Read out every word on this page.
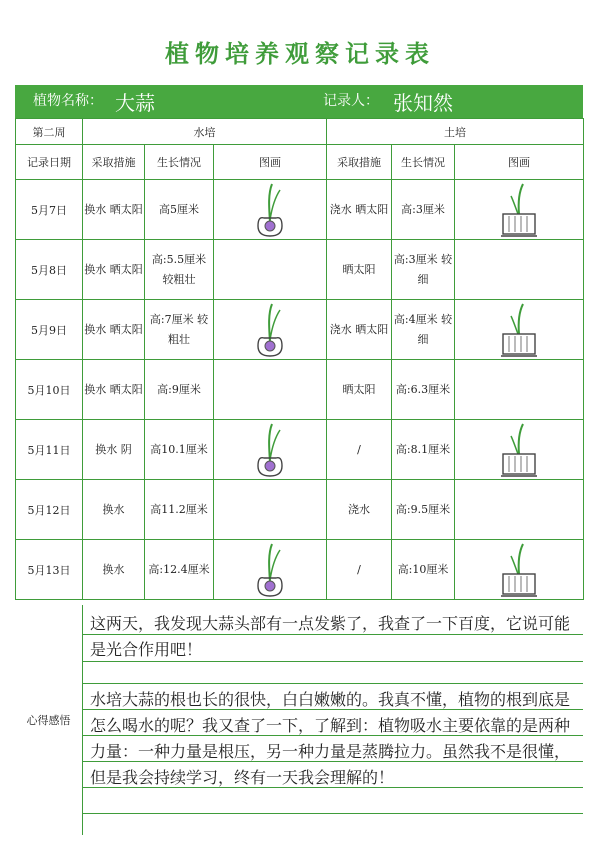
植物培养观察记录表
植物名称： 大蒜	记录人： 张知然
第二周	水培			土培		
记录日期	采取措施	生长情况	图画	采取措施	生长情况	图画
5月7日	换水 晒太阳	高5厘米		浇水 晒太阳	高:3厘米	

5月8日	换水 晒太阳	高:5.5厘米 较粗壮		晒太阳	高:3厘米 较细	
5月9日	换水 晒太阳	高:7厘米 较粗壮		浇水 晒太阳	高:4厘米 较细	

5月10日	换水 晒太阳	高:9厘米		晒太阳	高:6.3厘米	
5月11日	换水 阴	高10.1厘米		/	高:8.1厘米	

5月12日	换水	高11.2厘米		浇水	高:9.5厘米	
5月13日	换水	高:12.4厘米		/	高:10厘米	
心得感悟

这两天，我发现大蒜头部有一点发紫了，我查了一下百度，它说可能是光合作用吧！

水培大蒜的根也长的很快，白白嫩嫩的。我真不懂，植物的根到底是怎么喝水的呢？我又查了一下，了解到：植物吸水主要依靠的是两种力量：一种力量是根压，另一种力量是蒸腾拉力。虽然我不是很懂，但是我会持续学习，终有一天我会理解的！
